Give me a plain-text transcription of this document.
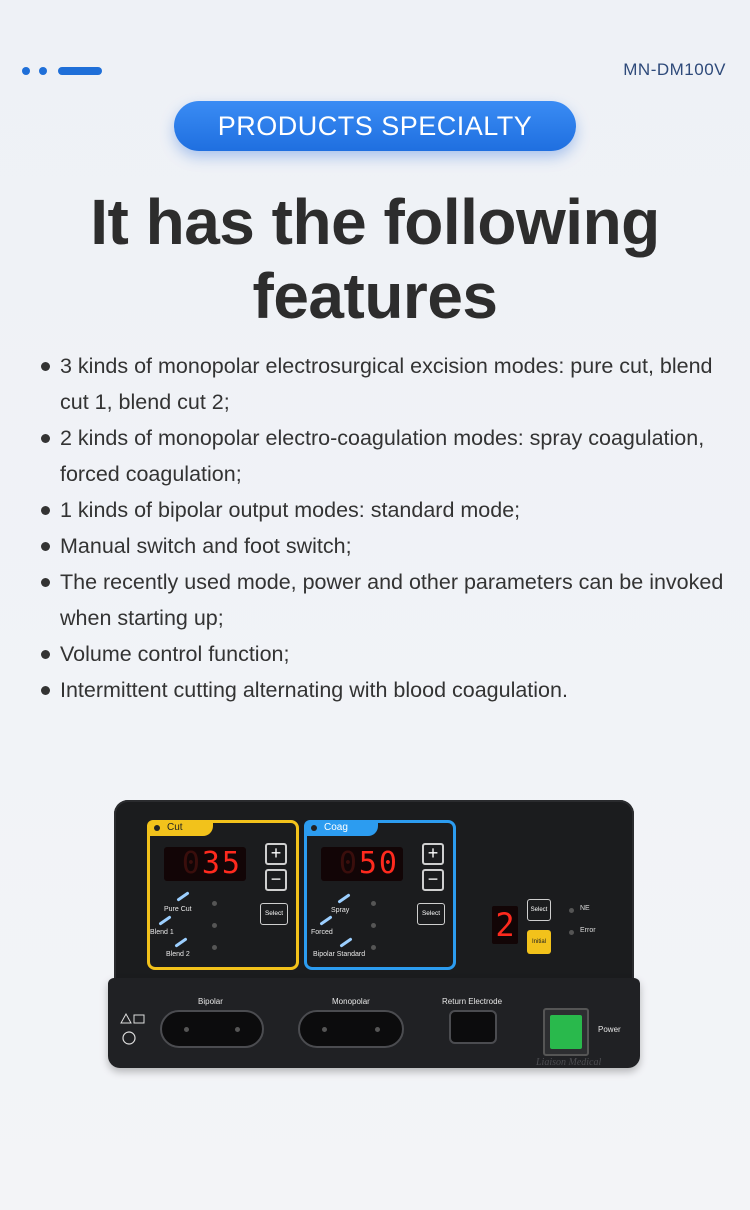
MN-DM100V
PRODUCTS SPECIALTY
It has the following
features
3 kinds of monopolar electrosurgical excision modes: pure cut, blend cut 1, blend cut 2;
2 kinds of monopolar electro-coagulation modes: spray coagulation, forced coagulation;
1 kinds of bipolar output modes: standard mode;
Manual switch and foot switch;
The recently used mode, power and other parameters can be invoked when starting up;
Volume control function;
Intermittent cutting alternating with blood coagulation.
Cut
035	+
−
Select
Pure Cut
Blend 1
Blend 2
Coag
050	+
−
Select
Spray
Forced
Bipolar Standard
2	Select
Initial
NE
Error
Bipolar	Monopolar	Return Electrode
Power
Liaison Medical
